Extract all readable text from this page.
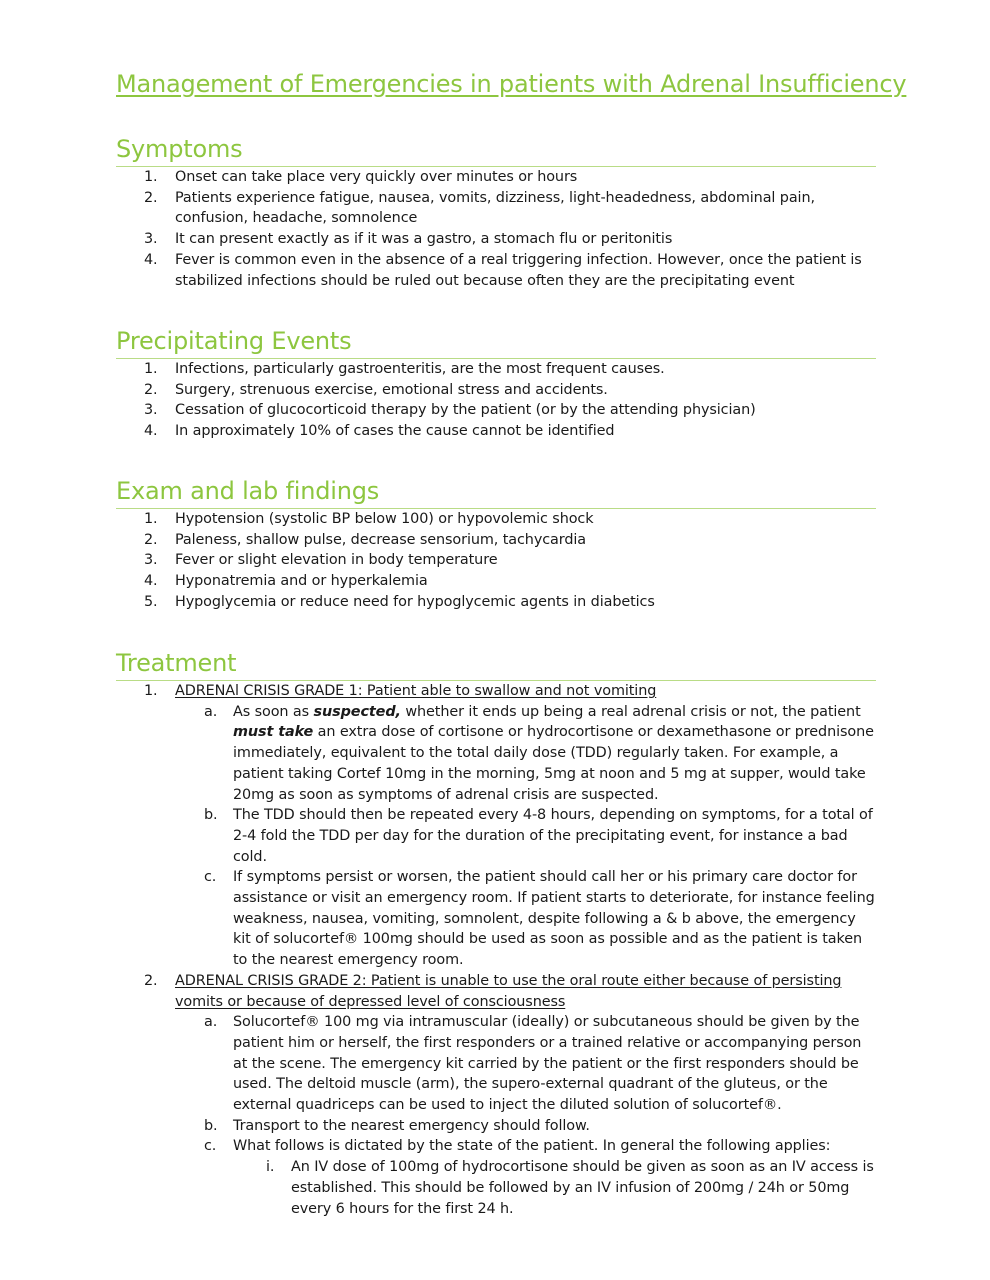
Management of Emergencies in patients with Adrenal Insufficiency
Symptoms
1.	Onset can take place very quickly over minutes or hours
2.	Patients experience fatigue, nausea, vomits, dizziness, light-headedness, abdominal pain, confusion, headache, somnolence
3.	It can present exactly as if it was a gastro, a stomach flu or peritonitis
4.	Fever is common even in the absence of a real triggering infection. However, once the patient is stabilized infections should be ruled out because often they are the precipitating event
Precipitating Events
1.	Infections, particularly gastroenteritis, are the most frequent causes.
2.	Surgery, strenuous exercise, emotional stress and accidents.
3.	Cessation of glucocorticoid therapy by the patient (or by the attending physician)
4.	In approximately 10% of cases the cause cannot be identified
Exam and lab findings
1.	Hypotension (systolic BP below 100) or hypovolemic shock
2.	Paleness, shallow pulse, decrease sensorium, tachycardia
3.	Fever or slight elevation in body temperature
4.	Hyponatremia and or hyperkalemia
5.	Hypoglycemia or reduce need for hypoglycemic agents in diabetics
Treatment
1.	ADRENAl CRISIS GRADE 1: Patient able to swallow and not vomiting
a.	As soon as suspected, whether it ends up being a real adrenal crisis or not, the patient must take an extra dose of cortisone or hydrocortisone or dexamethasone or prednisone immediately, equivalent to the total daily dose (TDD) regularly taken. For example, a patient taking Cortef 10mg in the morning, 5mg at noon and 5 mg at supper, would take 20mg as soon as symptoms of adrenal crisis are suspected.
b.	The TDD should then be repeated every 4-8 hours, depending on symptoms, for a total of 2-4 fold the TDD per day for the duration of the precipitating event, for instance a bad cold.
c.	If symptoms persist or worsen, the patient should call her or his primary care doctor for assistance or visit an emergency room. If patient starts to deteriorate, for instance feeling weakness, nausea, vomiting, somnolent, despite following a & b above, the emergency kit of solucortef® 100mg should be used as soon as possible and as the patient is taken to the nearest emergency room.
2.	ADRENAL CRISIS GRADE 2: Patient is unable to use the oral route either because of persisting vomits or because of depressed level of consciousness
a.	Solucortef® 100 mg via intramuscular (ideally) or subcutaneous should be given by the patient him or herself, the first responders or a trained relative or accompanying person at the scene. The emergency kit carried by the patient or the first responders should be used. The deltoid muscle (arm), the supero-external quadrant of the gluteus, or the external quadriceps can be used to inject the diluted solution of solucortef®.
b.	Transport to the nearest emergency should follow.
c.	What follows is dictated by the state of the patient. In general the following applies:
i.	An IV dose of 100mg of hydrocortisone should be given as soon as an IV access is established. This should be followed by an IV infusion of 200mg / 24h or 50mg every 6 hours for the first 24 h.
